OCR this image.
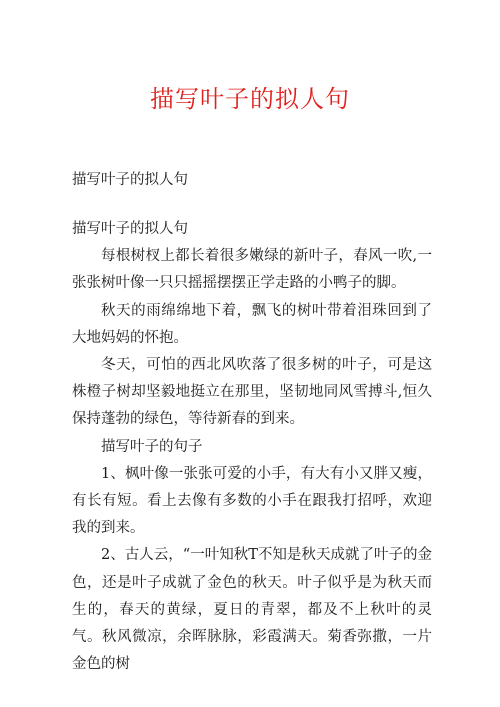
描写叶子的拟人句
描写叶子的拟人句

描写叶子的拟人句

每根树杈上都长着很多嫩绿的新叶子，春风一吹,一张张树叶像一只只摇摇摆摆正学走路的小鸭子的脚。

秋天的雨绵绵地下着，飘飞的树叶带着泪珠回到了大地妈妈的怀抱。

冬天，可怕的西北风吹落了很多树的叶子，可是这株橙子树却坚毅地挺立在那里，坚韧地同风雪搏斗,恒久保持蓬勃的绿色，等待新春的到来。

描写叶子的句子

1、枫叶像一张张可爱的小手，有大有小又胖又瘦，有长有短。看上去像有多数的小手在跟我打招呼，欢迎我的到来。

2、古人云，“一叶知秋T不知是秋天成就了叶子的金色，还是叶子成就了金色的秋天。叶子似乎是为秋天而生的，春天的黄绿，夏日的青翠，都及不上秋叶的灵气。秋风微凉，余晖脉脉，彩霞满天。菊香弥撒，一片金色的树
